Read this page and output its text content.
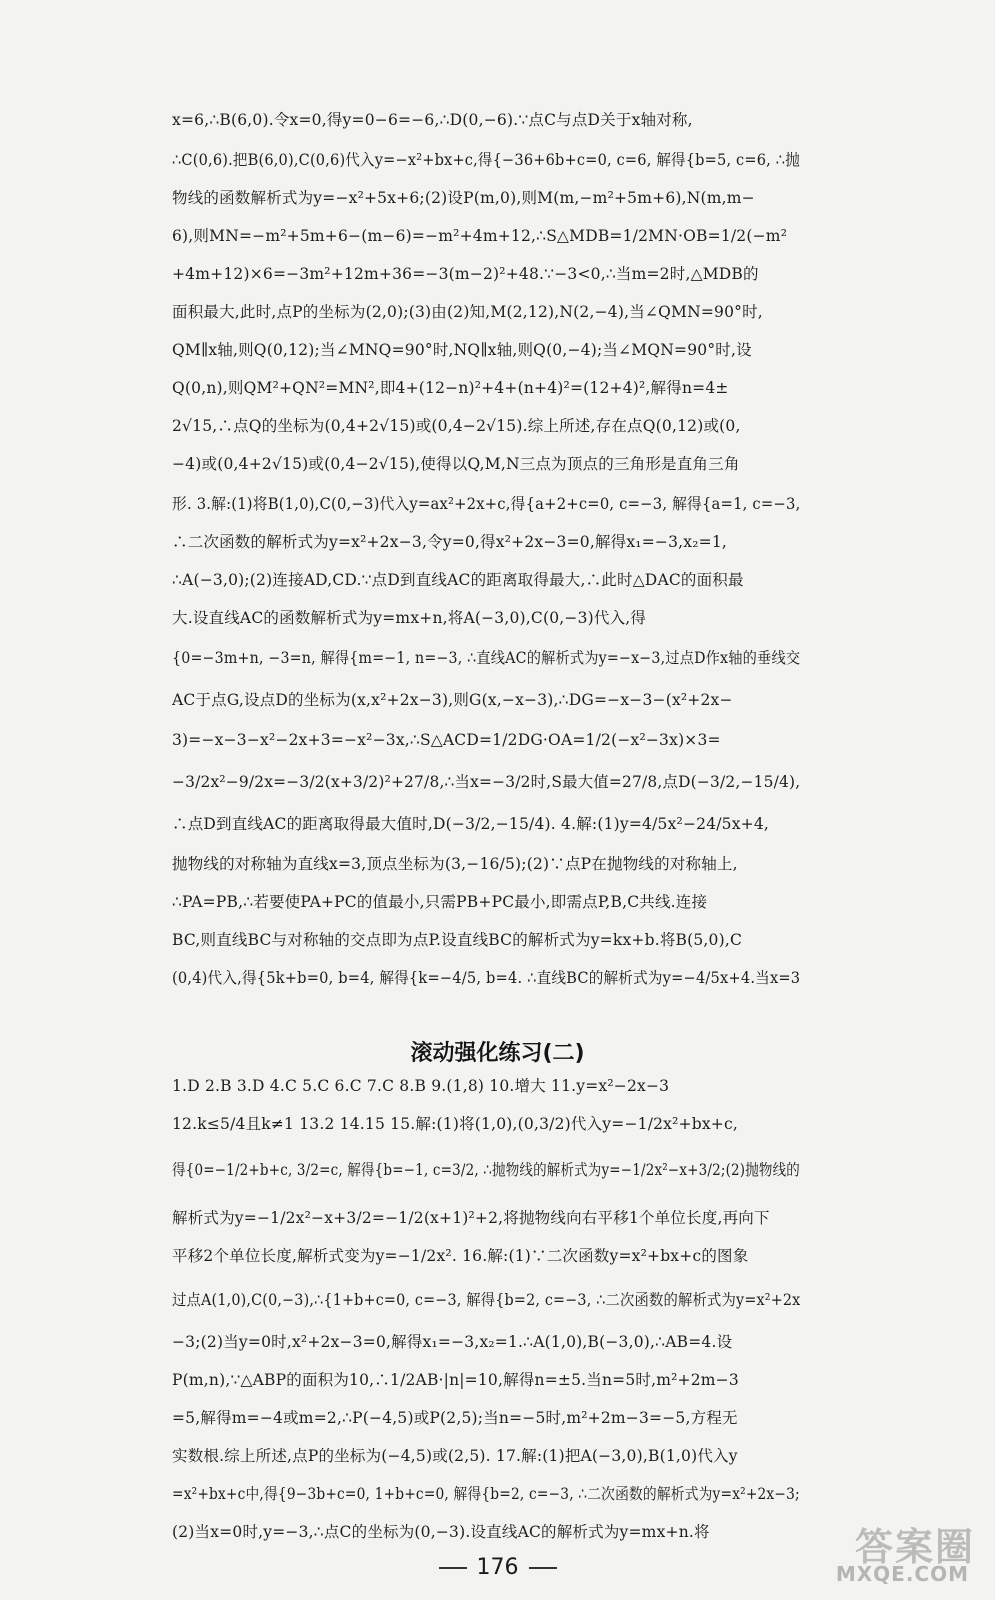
x=6,∴B(6,0).令x=0,得y=0−6=−6,∴D(0,−6).∵点C与点D关于x轴对称,
∴C(0,6).把B(6,0),C(0,6)代入y=−x²+bx+c,得{−36+6b+c=0, c=6, 解得{b=5, c=6, ∴抛
物线的函数解析式为y=−x²+5x+6;(2)设P(m,0),则M(m,−m²+5m+6),N(m,m−
6),则MN=−m²+5m+6−(m−6)=−m²+4m+12,∴S△MDB=1/2MN·OB=1/2(−m²
+4m+12)×6=−3m²+12m+36=−3(m−2)²+48.∵−3<0,∴当m=2时,△MDB的
面积最大,此时,点P的坐标为(2,0);(3)由(2)知,M(2,12),N(2,−4),当∠QMN=90°时,
QM∥x轴,则Q(0,12);当∠MNQ=90°时,NQ∥x轴,则Q(0,−4);当∠MQN=90°时,设
Q(0,n),则QM²+QN²=MN²,即4+(12−n)²+4+(n+4)²=(12+4)²,解得n=4±
2√15,∴点Q的坐标为(0,4+2√15)或(0,4−2√15).综上所述,存在点Q(0,12)或(0,
−4)或(0,4+2√15)或(0,4−2√15),使得以Q,M,N三点为顶点的三角形是直角三角
形. 3.解:(1)将B(1,0),C(0,−3)代入y=ax²+2x+c,得{a+2+c=0, c=−3, 解得{a=1, c=−3,
∴二次函数的解析式为y=x²+2x−3,令y=0,得x²+2x−3=0,解得x₁=−3,x₂=1,
∴A(−3,0);(2)连接AD,CD.∵点D到直线AC的距离取得最大,∴此时△DAC的面积最
大.设直线AC的函数解析式为y=mx+n,将A(−3,0),C(0,−3)代入,得
{0=−3m+n, −3=n, 解得{m=−1, n=−3, ∴直线AC的解析式为y=−x−3,过点D作x轴的垂线交
AC于点G,设点D的坐标为(x,x²+2x−3),则G(x,−x−3),∴DG=−x−3−(x²+2x−
3)=−x−3−x²−2x+3=−x²−3x,∴S△ACD=1/2DG·OA=1/2(−x²−3x)×3=
−3/2x²−9/2x=−3/2(x+3/2)²+27/8,∴当x=−3/2时,S最大值=27/8,点D(−3/2,−15/4),
∴点D到直线AC的距离取得最大值时,D(−3/2,−15/4). 4.解:(1)y=4/5x²−24/5x+4,
抛物线的对称轴为直线x=3,顶点坐标为(3,−16/5);(2)∵点P在抛物线的对称轴上,
∴PA=PB,∴若要使PA+PC的值最小,只需PB+PC最小,即需点P,B,C共线.连接
BC,则直线BC与对称轴的交点即为点P.设直线BC的解析式为y=kx+b.将B(5,0),C
(0,4)代入,得{5k+b=0, b=4, 解得{k=−4/5, b=4. ∴直线BC的解析式为y=−4/5x+4.当x=3
滚动强化练习(二)
1.D 2.B 3.D 4.C 5.C 6.C 7.C 8.B 9.(1,8) 10.增大 11.y=x²−2x−3
12.k≤5/4且k≠1 13.2 14.15 15.解:(1)将(1,0),(0,3/2)代入y=−1/2x²+bx+c,
得{0=−1/2+b+c, 3/2=c, 解得{b=−1, c=3/2, ∴抛物线的解析式为y=−1/2x²−x+3/2;(2)抛物线的
解析式为y=−1/2x²−x+3/2=−1/2(x+1)²+2,将抛物线向右平移1个单位长度,再向下
平移2个单位长度,解析式变为y=−1/2x². 16.解:(1)∵二次函数y=x²+bx+c的图象
过点A(1,0),C(0,−3),∴{1+b+c=0, c=−3, 解得{b=2, c=−3, ∴二次函数的解析式为y=x²+2x
−3;(2)当y=0时,x²+2x−3=0,解得x₁=−3,x₂=1.∴A(1,0),B(−3,0),∴AB=4.设
P(m,n),∵△ABP的面积为10,∴1/2AB·|n|=10,解得n=±5.当n=5时,m²+2m−3
=5,解得m=−4或m=2,∴P(−4,5)或P(2,5);当n=−5时,m²+2m−3=−5,方程无
实数根.综上所述,点P的坐标为(−4,5)或(2,5). 17.解:(1)把A(−3,0),B(1,0)代入y
=x²+bx+c中,得{9−3b+c=0, 1+b+c=0, 解得{b=2, c=−3, ∴二次函数的解析式为y=x²+2x−3;
(2)当x=0时,y=−3,∴点C的坐标为(0,−3).设直线AC的解析式为y=mx+n.将
176	答案圈
MXQE.COM
